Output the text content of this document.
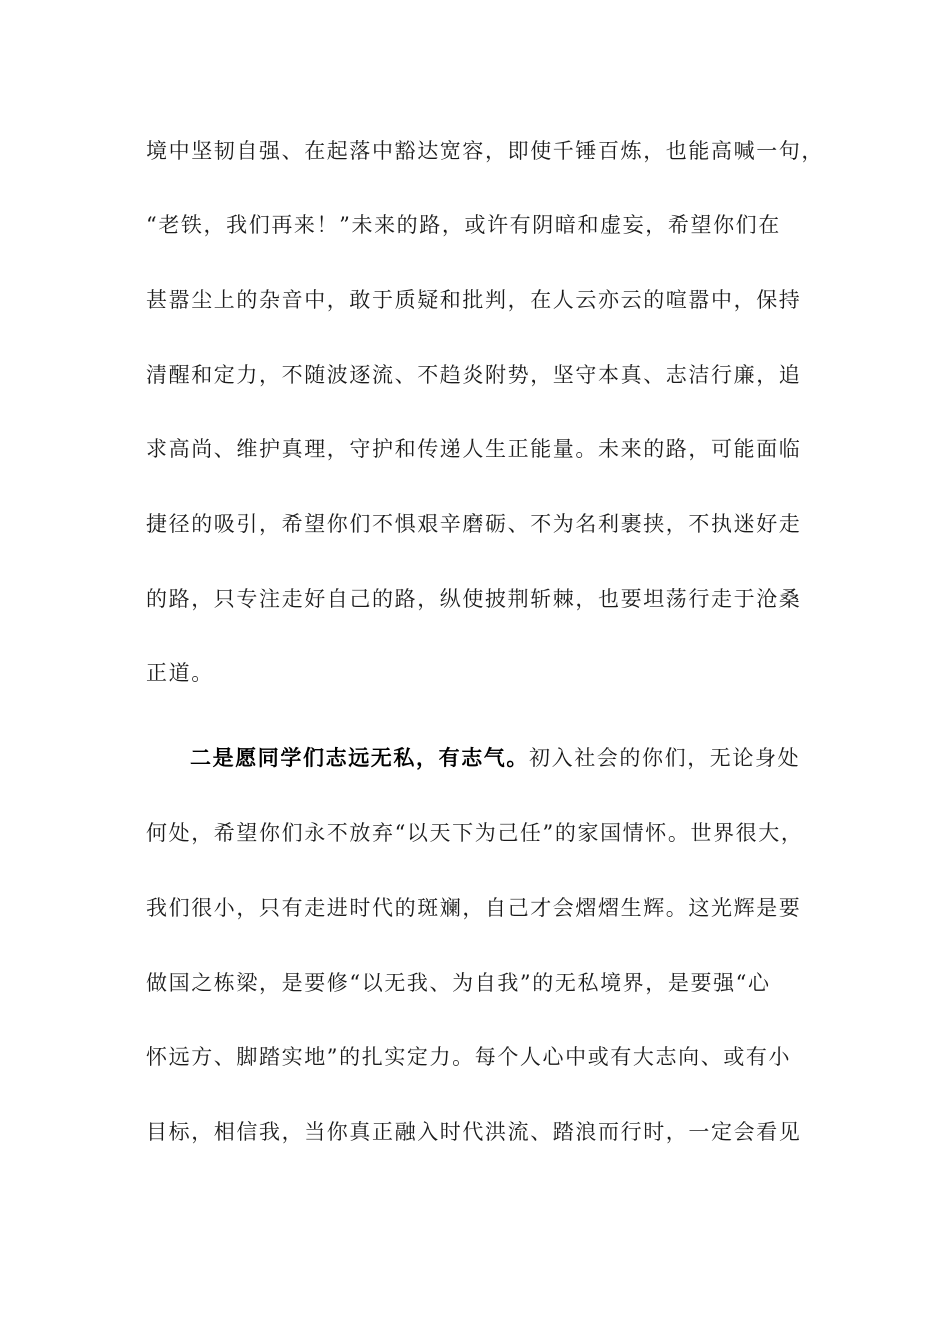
境中坚韧自强、在起落中豁达宽容，即使千锤百炼，也能高喊一句，
“老铁，我们再来！”未来的路，或许有阴暗和虚妄，希望你们在
甚嚣尘上的杂音中，敢于质疑和批判，在人云亦云的喧嚣中，保持
清醒和定力，不随波逐流、不趋炎附势，坚守本真、志洁行廉，追
求高尚、维护真理，守护和传递人生正能量。未来的路，可能面临
捷径的吸引，希望你们不惧艰辛磨砺、不为名利裹挟，不执迷好走
的路，只专注走好自己的路，纵使披荆斩棘，也要坦荡行走于沧桑
正道。
二是愿同学们志远无私，有志气。初入社会的你们，无论身处
何处，希望你们永不放弃“以天下为己任”的家国情怀。世界很大，
我们很小，只有走进时代的斑斓，自己才会熠熠生辉。这光辉是要
做国之栋梁，是要修“以无我、为自我”的无私境界，是要强“心
怀远方、脚踏实地”的扎实定力。每个人心中或有大志向、或有小
目标，相信我，当你真正融入时代洪流、踏浪而行时，一定会看见
